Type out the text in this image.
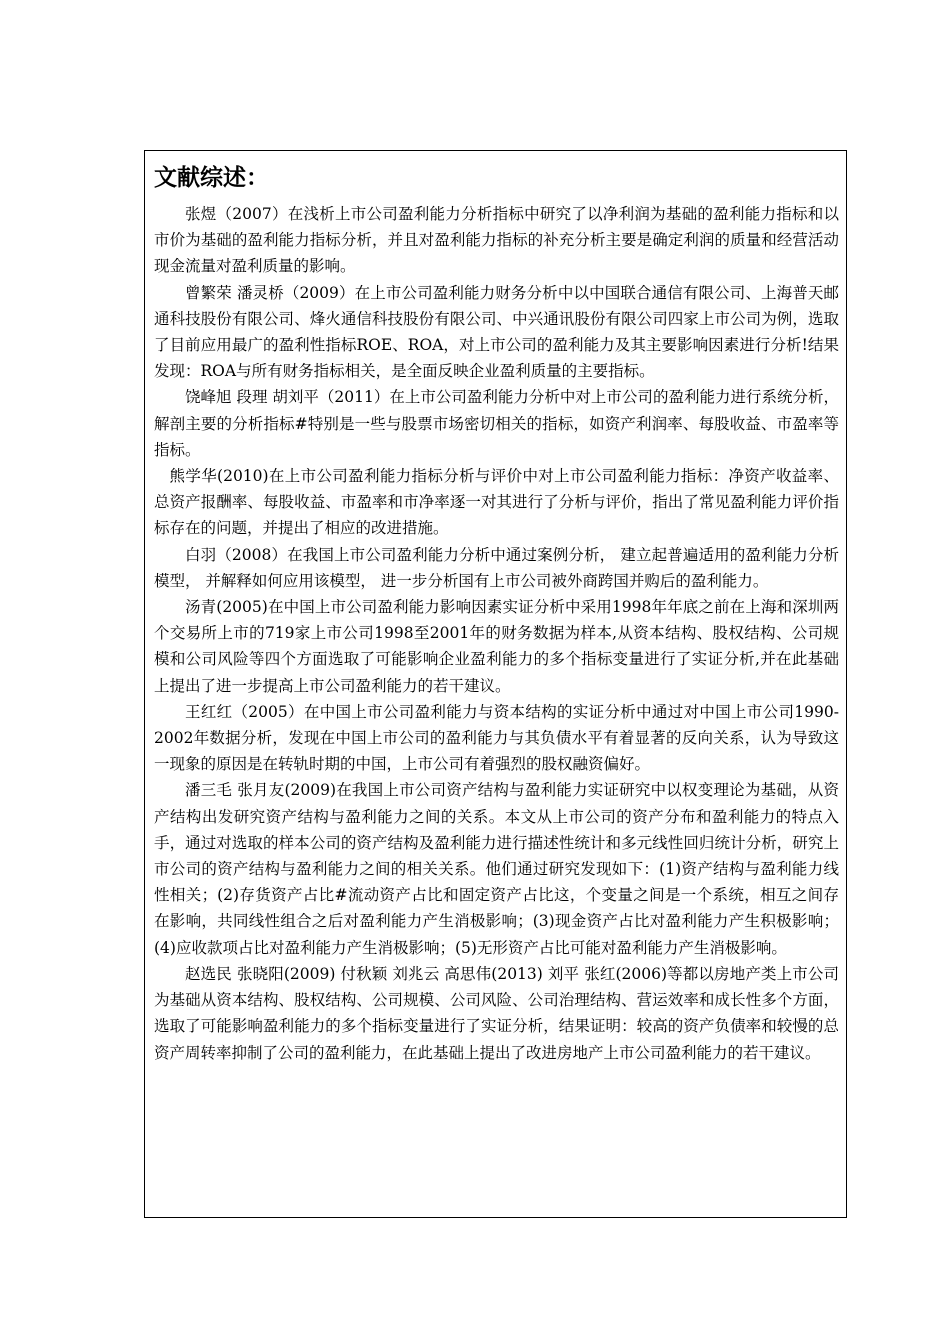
文献综述：

张煜（2007）在浅析上市公司盈利能力分析指标中研究了以净利润为基础的盈利能力指标和以市价为基础的盈利能力指标分析，并且对盈利能力指标的补充分析主要是确定利润的质量和经营活动现金流量对盈利质量的影响。

曾繁荣 潘灵桥（2009）在上市公司盈利能力财务分析中以中国联合通信有限公司、上海普天邮通科技股份有限公司、烽火通信科技股份有限公司、中兴通讯股份有限公司四家上市公司为例，选取了目前应用最广的盈利性指标ROE、ROA，对上市公司的盈利能力及其主要影响因素进行分析!结果发现：ROA与所有财务指标相关，是全面反映企业盈利质量的主要指标。

饶峰旭 段理 胡刘平（2011）在上市公司盈利能力分析中对上市公司的盈利能力进行系统分析，解剖主要的分析指标#特别是一些与股票市场密切相关的指标，如资产利润率、每股收益、市盈率等指标。

熊学华(2010)在上市公司盈利能力指标分析与评价中对上市公司盈利能力指标：净资产收益率、总资产报酬率、每股收益、市盈率和市净率逐一对其进行了分析与评价，指出了常见盈利能力评价指标存在的问题，并提出了相应的改进措施。

白羽（2008）在我国上市公司盈利能力分析中通过案例分析， 建立起普遍适用的盈利能力分析模型， 并解释如何应用该模型， 进一步分析国有上市公司被外商跨国并购后的盈利能力。

汤青(2005)在中国上市公司盈利能力影响因素实证分析中采用1998年年底之前在上海和深圳两个交易所上市的719家上市公司1998至2001年的财务数据为样本,从资本结构、股权结构、公司规模和公司风险等四个方面选取了可能影响企业盈利能力的多个指标变量进行了实证分析,并在此基础上提出了进一步提高上市公司盈利能力的若干建议。

王红红（2005）在中国上市公司盈利能力与资本结构的实证分析中通过对中国上市公司1990-2002年数据分析，发现在中国上市公司的盈利能力与其负债水平有着显著的反向关系，认为导致这一现象的原因是在转轨时期的中国，上市公司有着强烈的股权融资偏好。

潘三毛 张月友(2009)在我国上市公司资产结构与盈利能力实证研究中以权变理论为基础，从资产结构出发研究资产结构与盈利能力之间的关系。本文从上市公司的资产分布和盈利能力的特点入手，通过对选取的样本公司的资产结构及盈利能力进行描述性统计和多元线性回归统计分析，研究上市公司的资产结构与盈利能力之间的相关关系。他们通过研究发现如下：(1)资产结构与盈利能力线性相关；(2)存货资产占比#流动资产占比和固定资产占比这，个变量之间是一个系统，相互之间存在影响，共同线性组合之后对盈利能力产生消极影响；(3)现金资产占比对盈利能力产生积极影响；(4)应收款项占比对盈利能力产生消极影响；(5)无形资产占比可能对盈利能力产生消极影响。

赵选民 张晓阳(2009) 付秋颖 刘兆云 高思伟(2013) 刘平 张红(2006)等都以房地产类上市公司为基础从资本结构、股权结构、公司规模、公司风险、公司治理结构、营运效率和成长性多个方面，选取了可能影响盈利能力的多个指标变量进行了实证分析，结果证明：较高的资产负债率和较慢的总资产周转率抑制了公司的盈利能力，在此基础上提出了改进房地产上市公司盈利能力的若干建议。
